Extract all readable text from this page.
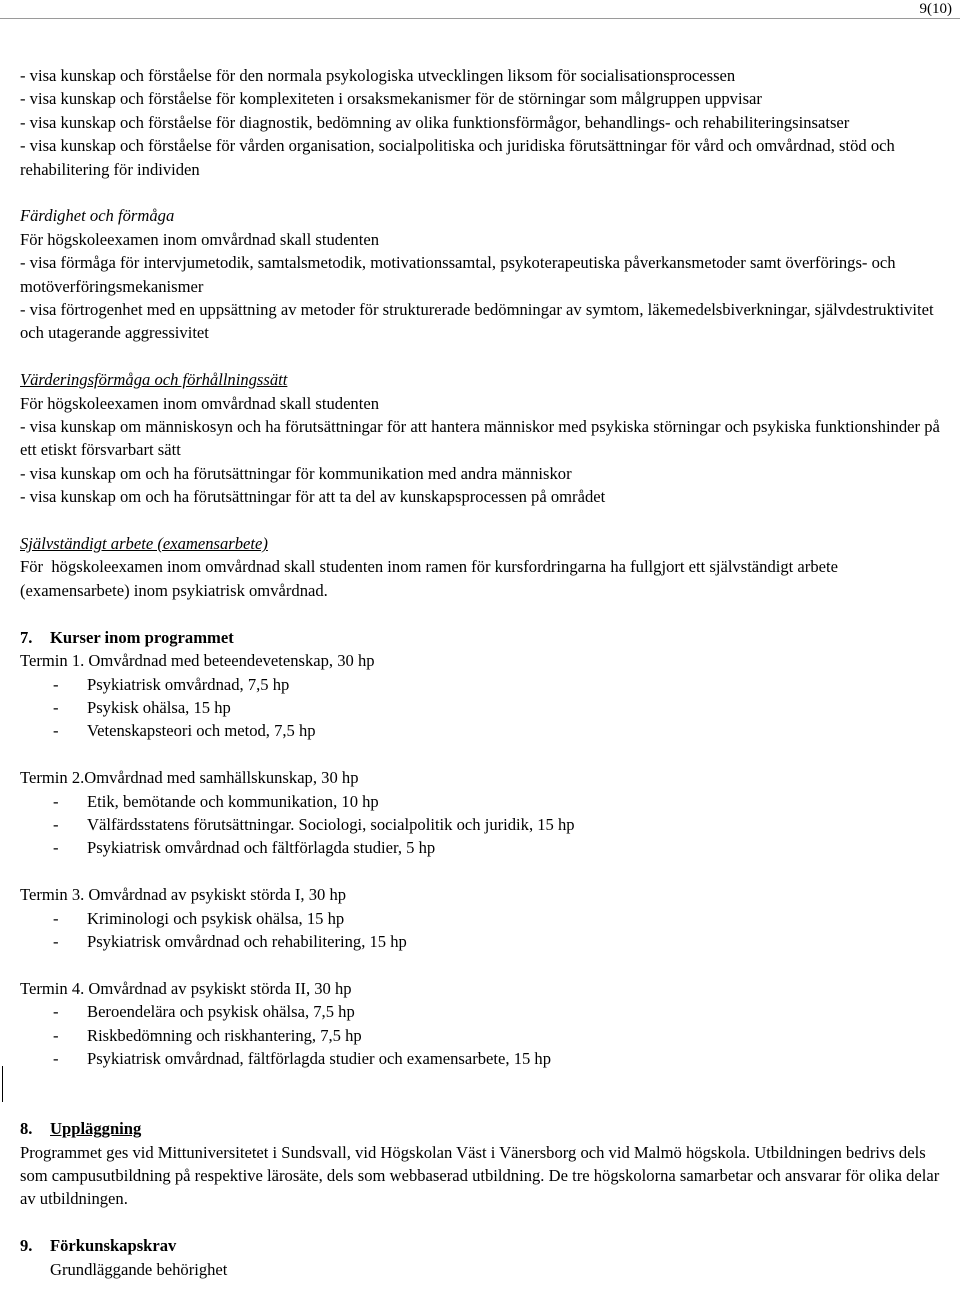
9(10)

- visa kunskap och förståelse för den normala psykologiska utvecklingen liksom för socialisationsprocessen

- visa kunskap och förståelse för komplexiteten i orsaksmekanismer för de störningar som målgruppen uppvisar

- visa kunskap och förståelse för diagnostik, bedömning av olika funktionsförmågor, behandlings- och rehabiliteringsinsatser

- visa kunskap och förståelse för vården organisation, socialpolitiska och juridiska förutsättningar för vård och omvårdnad, stöd och rehabilitering för individen

Färdighet och förmåga

För högskoleexamen inom omvårdnad skall studenten

- visa förmåga för intervjumetodik, samtalsmetodik, motivationssamtal, psykoterapeutiska påverkansmetoder samt överförings- och motöverföringsmekanismer

- visa förtrogenhet med en uppsättning av metoder för strukturerade bedömningar av symtom, läkemedelsbiverkningar, självdestruktivitet och utagerande aggressivitet

Värderingsförmåga och förhållningssätt

För högskoleexamen inom omvårdnad skall studenten

- visa kunskap om människosyn och ha förutsättningar för att hantera människor med psykiska störningar och psykiska funktionshinder på ett etiskt försvarbart sätt

- visa kunskap om och ha förutsättningar för kommunikation med andra människor

- visa kunskap om och ha förutsättningar för att ta del av kunskapsprocessen på området

Självständigt arbete (examensarbete)

För  högskoleexamen inom omvårdnad skall studenten inom ramen för kursfordringarna ha fullgjort ett självständigt arbete (examensarbete) inom psykiatrisk omvårdnad.

7. Kurser inom programmet

Termin 1. Omvårdnad med beteendevetenskap, 30 hp

- Psykiatrisk omvårdnad, 7,5 hp

- Psykisk ohälsa, 15 hp

- Vetenskapsteori och metod, 7,5 hp

Termin 2.Omvårdnad med samhällskunskap, 30 hp

- Etik, bemötande och kommunikation, 10 hp

- Välfärdsstatens förutsättningar. Sociologi, socialpolitik och juridik, 15 hp

- Psykiatrisk omvårdnad och fältförlagda studier, 5 hp

Termin 3. Omvårdnad av psykiskt störda I, 30 hp

- Kriminologi och psykisk ohälsa, 15 hp

- Psykiatrisk omvårdnad och rehabilitering, 15 hp

Termin 4. Omvårdnad av psykiskt störda II, 30 hp

- Beroendelära och psykisk ohälsa, 7,5 hp

- Riskbedömning och riskhantering, 7,5 hp

- Psykiatrisk omvårdnad, fältförlagda studier och examensarbete, 15 hp

8. Uppläggning

Programmet ges vid Mittuniversitetet i Sundsvall, vid Högskolan Väst i Vänersborg och vid Malmö högskola. Utbildningen bedrivs dels som campusutbildning på respektive lärosäte, dels som webbaserad utbildning. De tre högskolorna samarbetar och ansvarar för olika delar av utbildningen.

9. Förkunskapskrav

Grundläggande behörighet
